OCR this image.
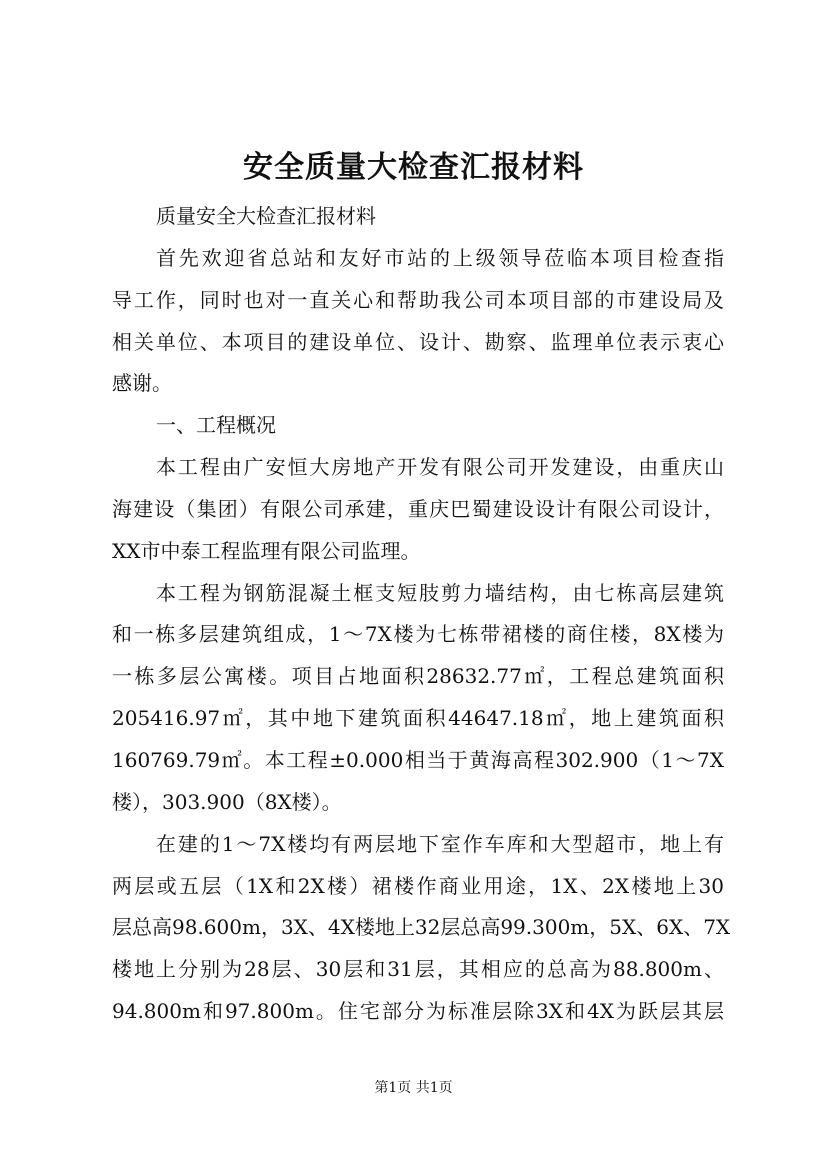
安全质量大检查汇报材料
质量安全大检查汇报材料
首先欢迎省总站和友好市站的上级领导莅临本项目检查指
导工作，同时也对一直关心和帮助我公司本项目部的市建设局及
相关单位、本项目的建设单位、设计、勘察、监理单位表示衷心
感谢。
一、工程概况
本工程由广安恒大房地产开发有限公司开发建设，由重庆山
海建设（集团）有限公司承建，重庆巴蜀建设设计有限公司设计，
XX市中泰工程监理有限公司监理。
本工程为钢筋混凝土框支短肢剪力墙结构，由七栋高层建筑
和一栋多层建筑组成，1～7X楼为七栋带裙楼的商住楼，8X楼为
一栋多层公寓楼。项目占地面积28632.77㎡，工程总建筑面积
205416.97㎡，其中地下建筑面积44647.18㎡，地上建筑面积
160769.79㎡。本工程±0.000相当于黄海高程302.900（1～7X
楼），303.900（8X楼）。
在建的1～7X楼均有两层地下室作车库和大型超市，地上有
两层或五层（1X和2X楼）裙楼作商业用途，1X、2X楼地上30
层总高98.600m，3X、4X楼地上32层总高99.300m，5X、6X、7X
楼地上分别为28层、30层和31层，其相应的总高为88.800m、
94.800m和97.800m。住宅部分为标准层除3X和4X为跃层其层
第1页 共1页
